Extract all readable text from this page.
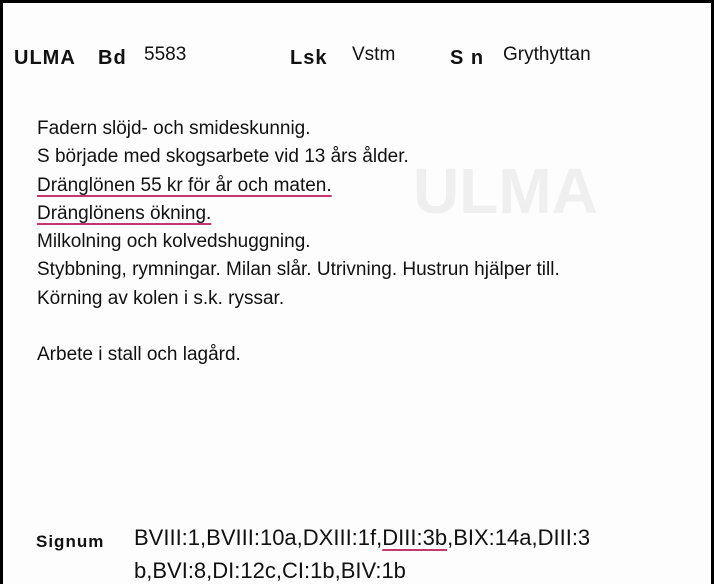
ULMA
ULMA Bd 5583	Lsk Vstm	S n Grythyttan
Fadern slöjd- och smideskunnig.
S började med skogsarbete vid 13 års ålder.
Dränglönen 55 kr för år och maten.
Dränglönens ökning.
Milkolning och kolvedshuggning.
Stybbning, rymningar. Milan slår. Utrivning. Hustrun hjälper till.
Körning av kolen i s.k. ryssar.
Arbete i stall och lagård.
Signum BVIII:1,BVIII:10a,DXIII:1f,DIII:3b,BIX:14a,DIII:3
b,BVI:8,DI:12c,CI:1b,BIV:1b
